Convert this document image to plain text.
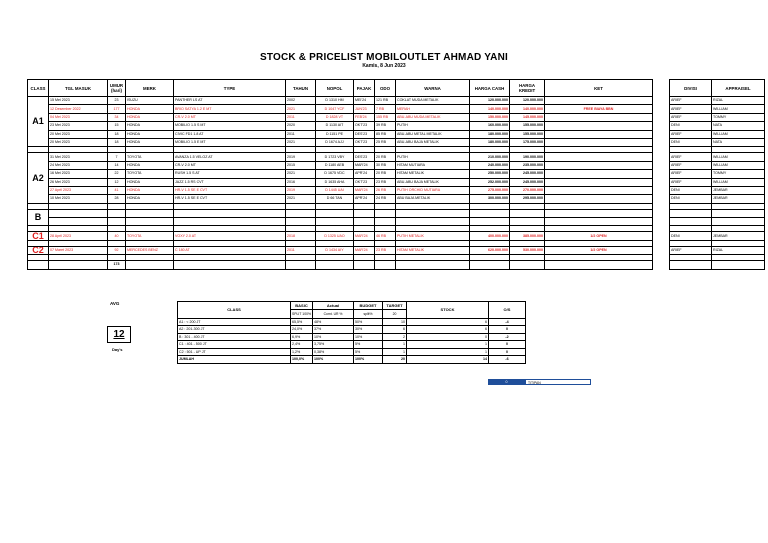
STOCK & PRICELIST MOBILOUTLET AHMAD YANI
Kamis, 8 Jun 2023
CLASS	TGL MASUK	UMUR (hari)	MERK	TYPE	TAHUN	NOPOL	PAJAK	ODO	WARNA	HARGA CASH	HARGA KREDIT	KET
A1	15 Mei 2023	23	ISUZU	PANTHER LS AT	2002	D 1310 HM	MEI'24	121 RB	COKLAT MUDA METALIK	120.000.000	120.000.000	
	12 Desember 2022	177	HONDA	BRIO SATYA 1.2 E MT	2021	D 1047 YCF	JUN'23	7 RB	MERAH	140.000.000	140.000.000	FREE BIAYA BBN
	04 Mei 2023	34	HONDA	CR-V 2.0 MT	2011	D 1828 VT	FEB'24	155 RB	ABU-ABU MUDA METALIK	150.000.000	145.000.000	
	23 Mei 2023	15	HONDA	MOBILIO 1.5 S MT	2020	D 1130 AIT	OKT'23	39 RB	PUTIH	160.000.000	155.000.000	
	20 Mei 2023	18	HONDA	CIVIC FD1 1.8 AT	2011	D 1151 PE	DES'23	85 RB	ABU-ABU METAL METALIK	180.000.000	155.000.000	
	20 Mei 2023	18	HONDA	MOBILIO 1.5 E MT	2021	D 1674 AJJ	OKT'23	25 RB	ABU-ABU BAJA METALIK	180.000.000	175.000.000	

A2	31 Mei 2023	7	TOYOTA	AVANZA 1.5 VELOZ AT	2019	D 1723 VBY	DES'23	20 RB	PUTIH	210.000.000	190.000.000	
	24 Mei 2023	14	HONDA	CR-V 2.0 MT	2015	D 1180 AEB	MAR'24	30 RB	HITAM MUTIARA	240.000.000	235.000.000	
	16 Mei 2023	22	TOYOTA	RUSH 1.5 S AT	2021	D 1675 VDC	APR'24	20 RB	HITAM METALIK	250.000.000	245.000.000	
	26 Mei 2023	12	HONDA	JAZZ 1.5 RS CVT	2016	D 1635 AHA	OKT'23	23 RB	ABU-ABU BAJA METALIK	252.000.000	245.000.000	
	27 April 2023	41	HONDA	HR-V 1.5 SE E CVT	2019	D 1445 UAI	MAR'24	26 RB	PUTIH ORCHID MUTIARA	275.000.000	270.000.000	
	10 Mei 2023	28	HONDA	HR-V 1.5 SE E CVT	2021	D 66 TAN	APR'24	24 RB	ABU BAJA METALIK	300.000.000	295.000.000	

B												

C1	28 April 2023	40	TOYOTA	VOXY 2.0 AT	2018	D 1325 UAO	MAR'24	46 RB	PUTIH METALIK	400.000.000	385.000.000	1/2 OPEN

C2	07 Maret 2023	92	MERCEDES BENZ	C 180 AT	2011	D 1434 AIY	MAR'24	23 RB	HITAM METALIK	620.000.000	530.000.000	1/2 OPEN

		173										
DIVISI	APPRAISEL
ARIEF	RIZAL
ARIEF	WILLIAM
ARIEF	TOMMY
DENI	NATA
ARIEF	WILLIAM
DENI	NATA

ARIEF	WILLIAM
ARIEF	WILLIAM
ARIEF	TOMMY
ARIEF	WILLIAM
DENI	JEMBAR
DENI	JEMBAR

DENI	JEMBAR

ARIEF	RIZAL

AVG
12
Day's
CLASS	BASIC	Actual	BUDGET	TARGET	STOCK	O/S
	SPLIT 100%	Comt. UR %	split%	20		
A1 : < 200 JT	65,5%	48%	50%	10	6	-4
A2 : 201-300 JT	24,0%	37%	30%	6	6	0
B : 301 - 400 JT	6,9%	10%	10%	2	0	-2
C1 : 401 - 500 JT	2,4%	3,75%	5%	1	1	0
C2 : 501 - UP JT	1,2%	0,38%	5%	1	1	0
JUMLAH	100,0%	100%	100%	20	14	-6
0	TITIPAN
